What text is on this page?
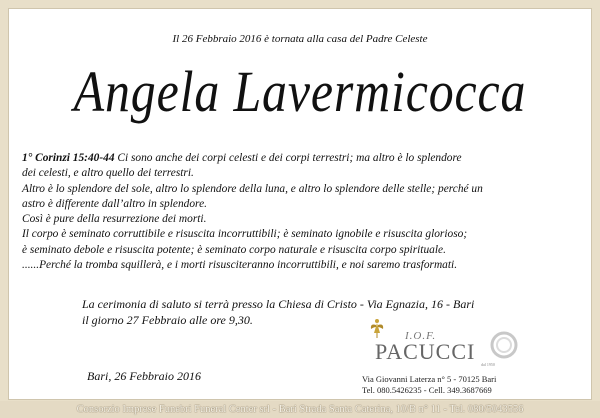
Il 26 Febbraio 2016 è tornata alla casa del Padre Celeste
Angela Lavermicocca

1° Corinzi 15:40-44 Ci sono anche dei corpi celesti e dei corpi terrestri; ma altro è lo splendore

dei celesti, e altro quello dei terrestri.

Altro è lo splendore del sole, altro lo splendore della luna, e altro lo splendore delle stelle; perché un

astro è differente dall’altro in splendore.

Così è pure della resurrezione dei morti.

Il corpo è seminato corruttibile e risuscita incorruttibili; è seminato ignobile e risuscita glorioso;

è seminato debole e risuscita potente; è seminato corpo naturale e risuscita corpo spirituale.

......Perché la tromba squillerà, e i morti risusciteranno incorruttibili, e noi saremo trasformati.

La cerimonia di saluto si terrà presso la Chiesa di Cristo - Via Egnazia, 16 - Bari

il giorno 27 Febbraio alle ore 9,30.

Bari, 26 Febbraio 2016
I.O.F.
PACUCCI
dal 1950

Via Giovanni Laterza n° 5 - 70125 Bari

Tel. 080.5426235 - Cell. 349.3687669

Consorzio Imprese Funebri Funeral Center srl - Bari Strada Santa Caterina, 10/B n° 11 - Tel. 080/5043556
